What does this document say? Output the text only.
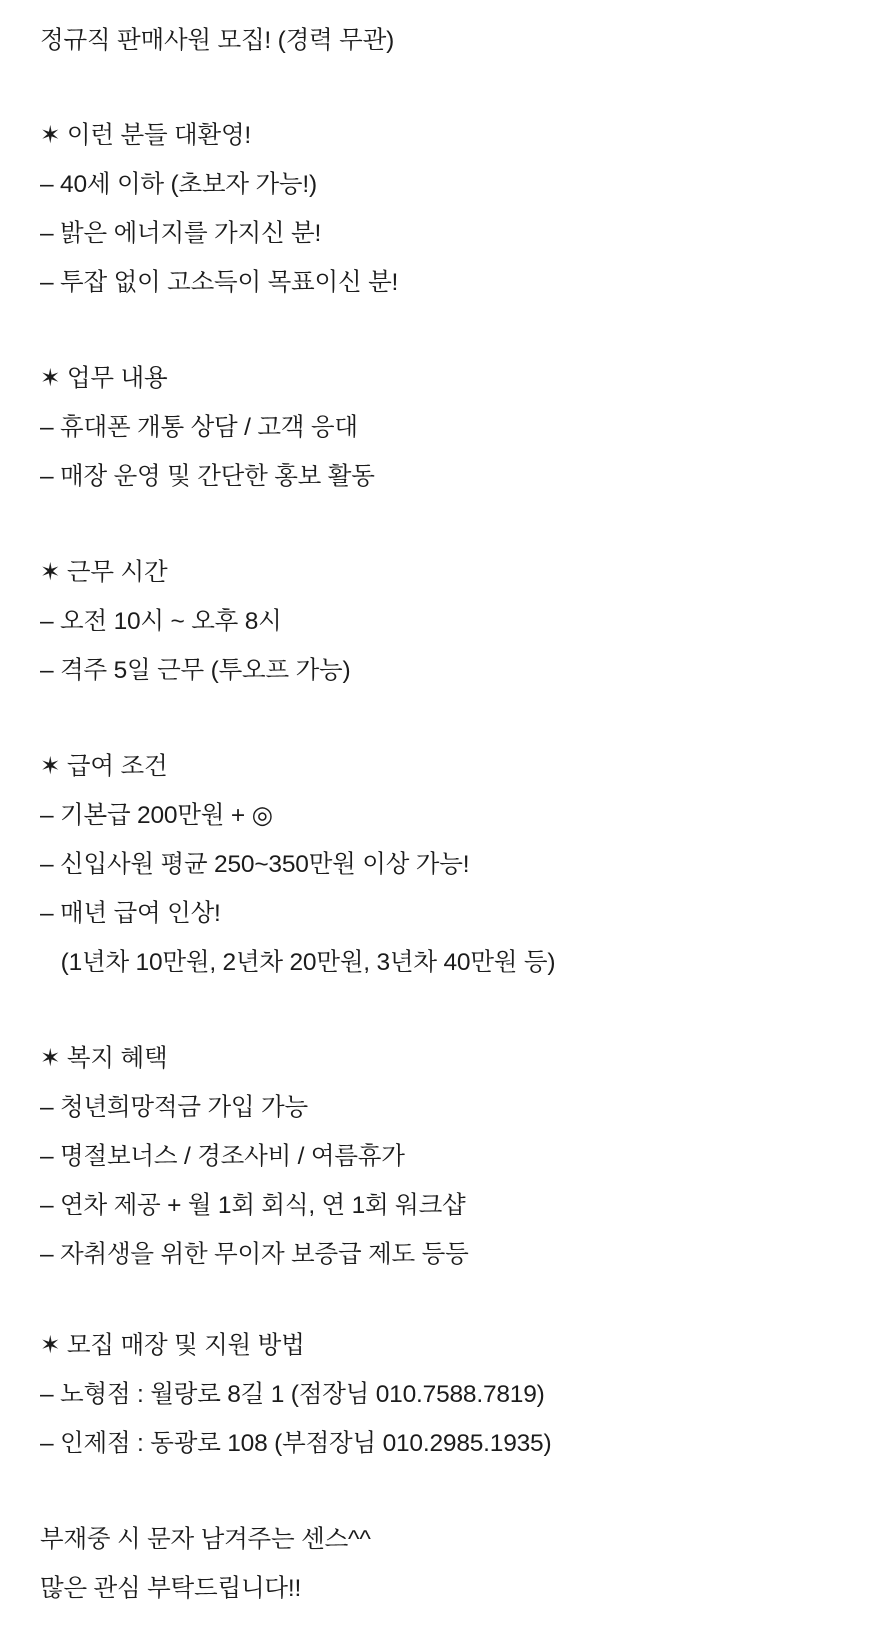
정규직 판매사원 모집! (경력 무관)
✶ 이런 분들 대환영!
– 40세 이하 (초보자 가능!)
– 밝은 에너지를 가지신 분!
– 투잡 없이 고소득이 목표이신 분!
✶ 업무 내용
– 휴대폰 개통 상담 / 고객 응대
– 매장 운영 및 간단한 홍보 활동
✶ 근무 시간
– 오전 10시 ~ 오후 8시
– 격주 5일 근무 (투오프 가능)
✶ 급여 조건
– 기본급 200만원 + ◎
– 신입사원 평균 250~350만원 이상 가능!
– 매년 급여 인상!
(1년차 10만원, 2년차 20만원, 3년차 40만원 등)
✶ 복지 혜택
– 청년희망적금 가입 가능
– 명절보너스 / 경조사비 / 여름휴가
– 연차 제공 + 월 1회 회식, 연 1회 워크샵
– 자취생을 위한 무이자 보증급 제도 등등
✶ 모집 매장 및 지원 방법
– 노형점 : 월랑로 8길 1 (점장님 010.7588.7819)
– 인제점 : 동광로 108 (부점장님 010.2985.1935)
부재중 시 문자 남겨주는 센스^^
많은 관심 부탁드립니다!!
